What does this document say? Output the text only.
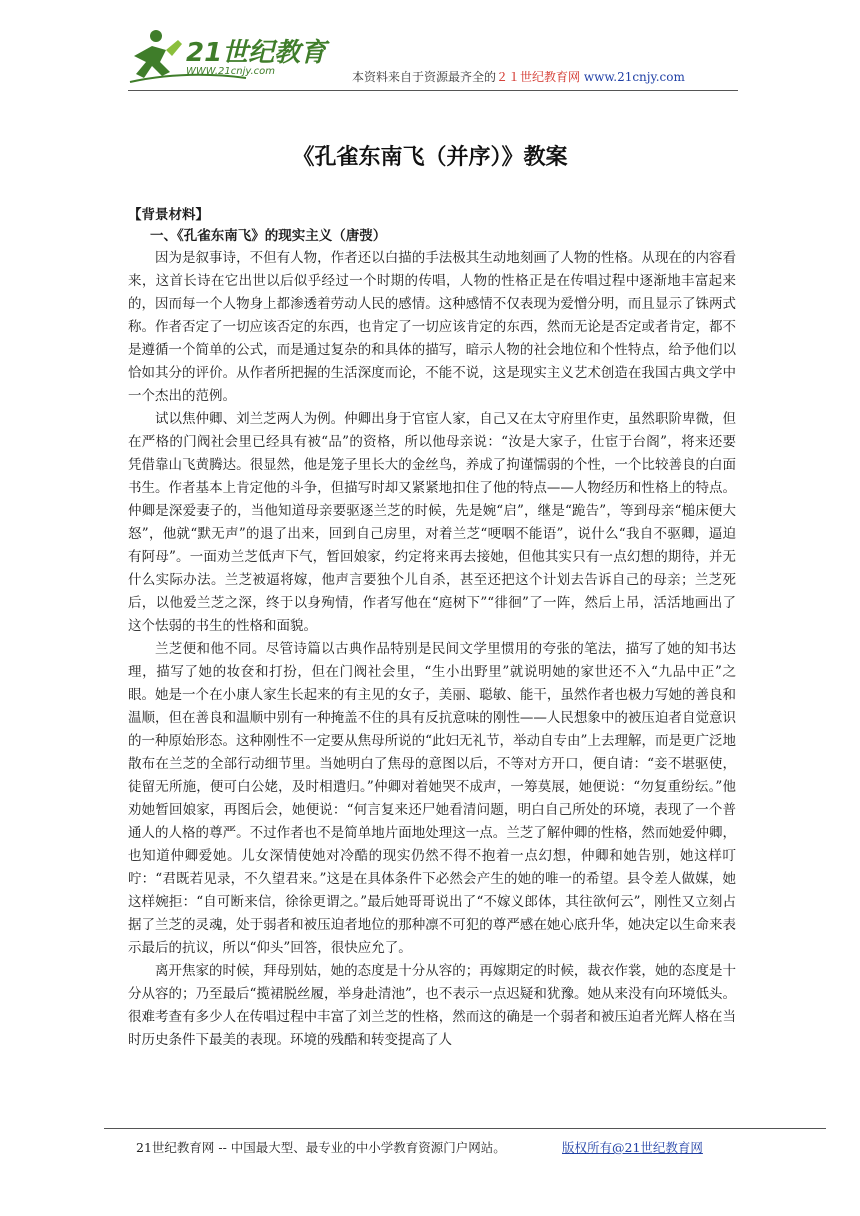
21世纪教育
WWW.21cnjy.com	本资料来自于资源最齐全的２１世纪教育网 www.21cnjy.com
《孔雀东南飞（并序）》教案
【背景材料】
一、《孔雀东南飞》的现实主义（唐弢）

因为是叙事诗，不但有人物，作者还以白描的手法极其生动地刻画了人物的性格。从现在的内容看来，这首长诗在它出世以后似乎经过一个时期的传唱，人物的性格正是在传唱过程中逐渐地丰富起来的，因而每一个人物身上都渗透着劳动人民的感情。这种感情不仅表现为爱憎分明，而且显示了铢两式称。作者否定了一切应该否定的东西，也肯定了一切应该肯定的东西，然而无论是否定或者肯定，都不是遵循一个简单的公式，而是通过复杂的和具体的描写，暗示人物的社会地位和个性特点，给予他们以恰如其分的评价。从作者所把握的生活深度而论，不能不说，这是现实主义艺术创造在我国古典文学中一个杰出的范例。

试以焦仲卿、刘兰芝两人为例。仲卿出身于官宦人家，自己又在太守府里作吏，虽然职阶卑微，但在严格的门阀社会里已经具有被“品”的资格，所以他母亲说：“汝是大家子，仕宦于台阁”，将来还要凭借靠山飞黄腾达。很显然，他是笼子里长大的金丝鸟，养成了拘谨懦弱的个性，一个比较善良的白面书生。作者基本上肯定他的斗争，但描写时却又紧紧地扣住了他的特点——人物经历和性格上的特点。仲卿是深爱妻子的，当他知道母亲要驱逐兰芝的时候，先是婉“启”，继是“跪告”，等到母亲“槌床便大怒”，他就“默无声”的退了出来，回到自己房里，对着兰芝“哽咽不能语”，说什么“我自不驱卿，逼迫有阿母”。一面劝兰芝低声下气，暂回娘家，约定将来再去接她，但他其实只有一点幻想的期待，并无什么实际办法。兰芝被逼将嫁，他声言要独个儿自杀，甚至还把这个计划去告诉自己的母亲；兰芝死后，以他爱兰芝之深，终于以身殉情，作者写他在“庭树下”“徘徊”了一阵，然后上吊，活活地画出了这个怯弱的书生的性格和面貌。

兰芝便和他不同。尽管诗篇以古典作品特别是民间文学里惯用的夸张的笔法，描写了她的知书达理，描写了她的妆奁和打扮，但在门阀社会里，“生小出野里”就说明她的家世还不入“九品中正”之眼。她是一个在小康人家生长起来的有主见的女子，美丽、聪敏、能干，虽然作者也极力写她的善良和温顺，但在善良和温顺中别有一种掩盖不住的具有反抗意味的刚性——人民想象中的被压迫者自觉意识的一种原始形态。这种刚性不一定要从焦母所说的“此妇无礼节，举动自专由”上去理解，而是更广泛地散布在兰芝的全部行动细节里。当她明白了焦母的意图以后，不等对方开口，便自请：“妾不堪驱使，徒留无所施，便可白公姥，及时相遣归。”仲卿对着她哭不成声，一筹莫展，她便说：“勿复重纷纭。”他劝她暂回娘家，再图后会，她便说：“何言复来还尸她看清问题，明白自己所处的环境，表现了一个普通人的人格的尊严。不过作者也不是简单地片面地处理这一点。兰芝了解仲卿的性格，然而她爱仲卿，也知道仲卿爱她。儿女深情使她对冷酷的现实仍然不得不抱着一点幻想，仲卿和她告别，她这样叮咛：“君既若见录，不久望君来。”这是在具体条件下必然会产生的她的唯一的希望。县令差人做媒，她这样婉拒：“自可断来信，徐徐更谓之。”最后她哥哥说出了“不嫁义郎体，其往欲何云”，刚性又立刻占据了兰芝的灵魂，处于弱者和被压迫者地位的那种凛不可犯的尊严感在她心底升华，她决定以生命来表示最后的抗议，所以“仰头”回答，很快应允了。

离开焦家的时候，拜母别姑，她的态度是十分从容的；再嫁期定的时候，裁衣作裳，她的态度是十分从容的；乃至最后“揽裙脱丝履，举身赴清池”，也不表示一点迟疑和犹豫。她从来没有向环境低头。很难考查有多少人在传唱过程中丰富了刘兰芝的性格，然而这的确是一个弱者和被压迫者光辉人格在当时历史条件下最美的表现。环境的残酷和转变提高了人

21世纪教育网 -- 中国最大型、最专业的中小学教育资源门户网站。	版权所有@21世纪教育网
